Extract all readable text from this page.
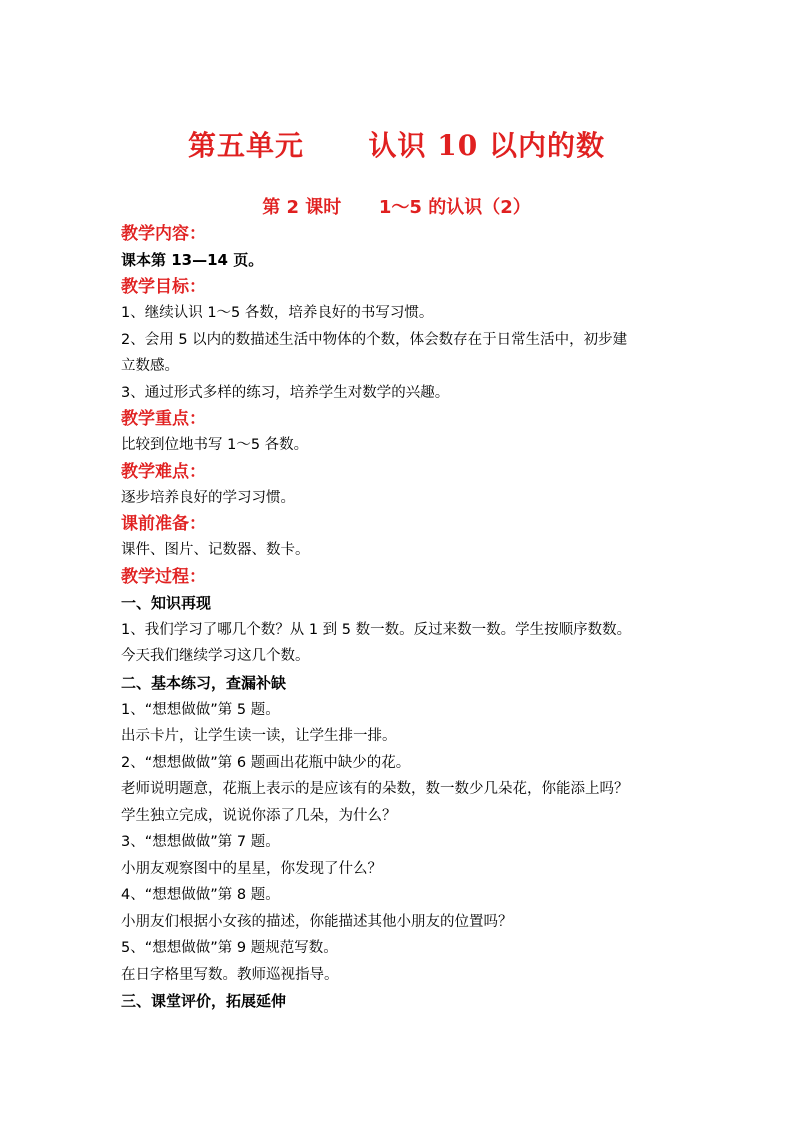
第五单元      认识 10 以内的数
第 2 课时      1～5 的认识（2）

教学内容：

课本第 13—14 页。

教学目标：

1、继续认识 1～5 各数，培养良好的书写习惯。

2、会用 5 以内的数描述生活中物体的个数，体会数存在于日常生活中，初步建

立数感。

3、通过形式多样的练习，培养学生对数学的兴趣。

教学重点：

比较到位地书写 1～5 各数。

教学难点：

逐步培养良好的学习习惯。

课前准备：

课件、图片、记数器、数卡。

教学过程：

一、知识再现

1、我们学习了哪几个数？从 1 到 5 数一数。反过来数一数。学生按顺序数数。

今天我们继续学习这几个数。

二、基本练习，查漏补缺

1、“想想做做”第 5 题。

出示卡片，让学生读一读，让学生排一排。

2、“想想做做”第 6 题画出花瓶中缺少的花。

老师说明题意，花瓶上表示的是应该有的朵数，数一数少几朵花，你能添上吗？

学生独立完成，说说你添了几朵，为什么？

3、“想想做做”第 7 题。

小朋友观察图中的星星，你发现了什么？

4、“想想做做”第 8 题。

小朋友们根据小女孩的描述，你能描述其他小朋友的位置吗？

5、“想想做做”第 9 题规范写数。

在日字格里写数。教师巡视指导。

三、课堂评价，拓展延伸
